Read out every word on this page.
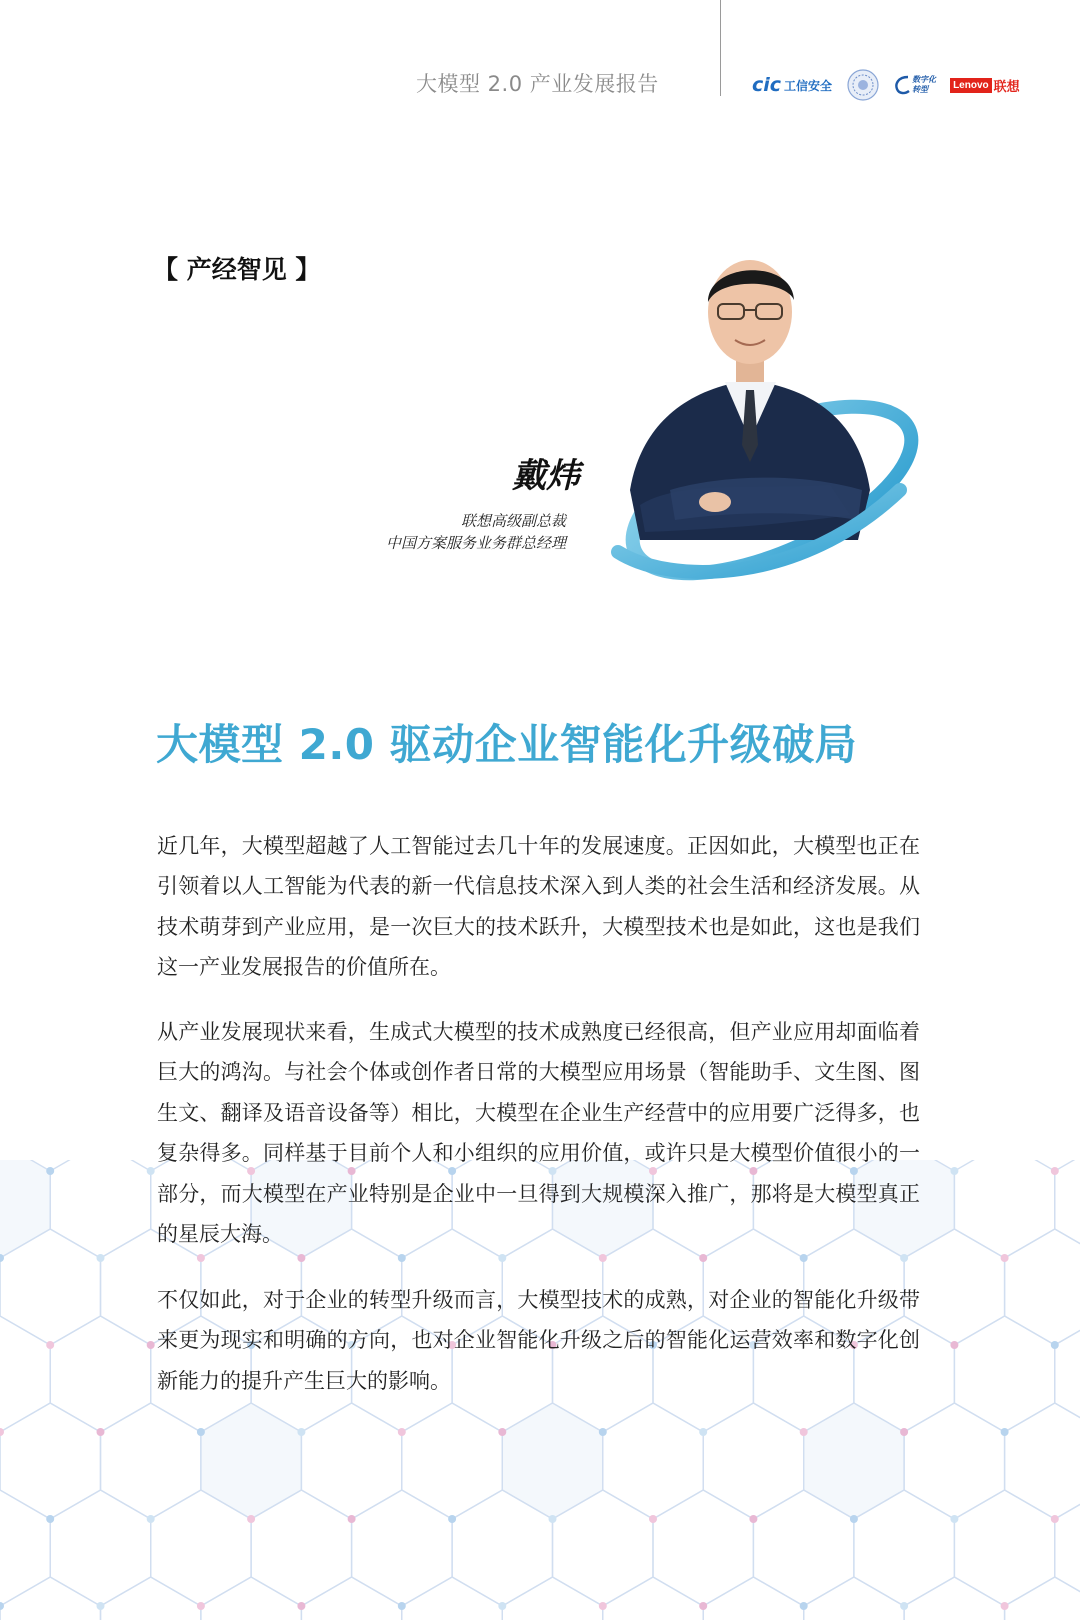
大模型 2.0 产业发展报告	cic 工信安全	数字化
转型	Lenovo 联想
【 产经智见 】
戴炜
联想高级副总裁
中国方案服务业务群总经理
大模型 2.0 驱动企业智能化升级破局
近几年，大模型超越了人工智能过去几十年的发展速度。正因如此，大模型也正在引领着以人工智能为代表的新一代信息技术深入到人类的社会生活和经济发展。从技术萌芽到产业应用，是一次巨大的技术跃升，大模型技术也是如此，这也是我们这一产业发展报告的价值所在。
从产业发展现状来看，生成式大模型的技术成熟度已经很高，但产业应用却面临着巨大的鸿沟。与社会个体或创作者日常的大模型应用场景（智能助手、文生图、图生文、翻译及语音设备等）相比，大模型在企业生产经营中的应用要广泛得多，也复杂得多。同样基于目前个人和小组织的应用价值，或许只是大模型价值很小的一部分，而大模型在产业特别是企业中一旦得到大规模深入推广，那将是大模型真正的星辰大海。
不仅如此，对于企业的转型升级而言，大模型技术的成熟，对企业的智能化升级带来更为现实和明确的方向，也对企业智能化升级之后的智能化运营效率和数字化创新能力的提升产生巨大的影响。
